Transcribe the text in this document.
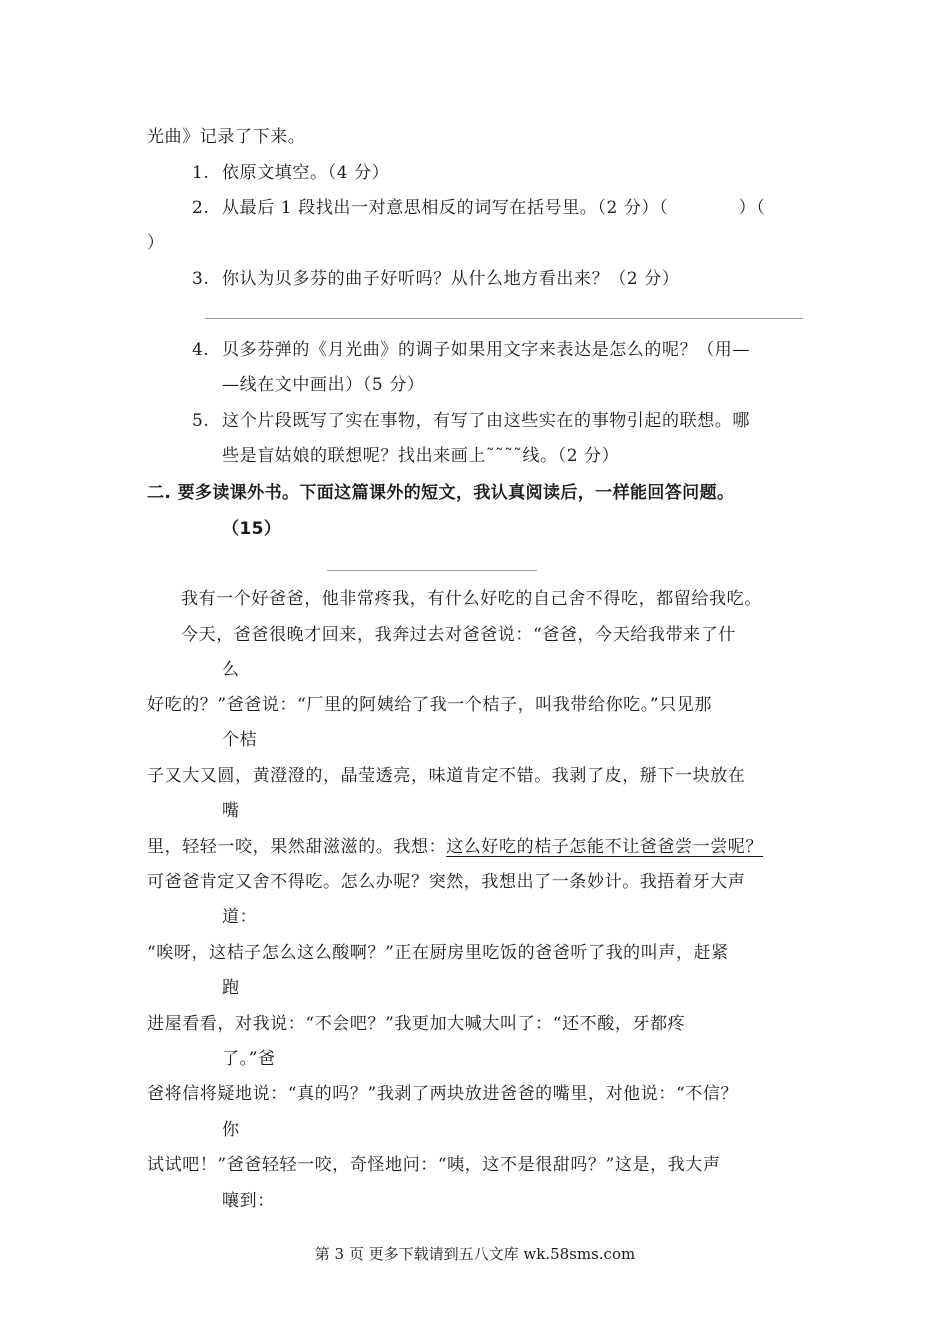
光曲》记录了下来。
1. 依原文填空。（4 分）
2. 从最后 1 段找出一对意思相反的词写在括号里。（2 分）（　　　　）（
）
3. 你认为贝多芬的曲子好听吗？从什么地方看出来？（2 分）
4. 贝多芬弹的《月光曲》的调子如果用文字来表达是怎么的呢？（用—
—线在文中画出）（5 分）
5. 这个片段既写了实在事物，有写了由这些实在的事物引起的联想。哪
些是盲姑娘的联想呢？找出来画上˜˜˜˜线。（2 分）
二. 要多读课外书。下面这篇课外的短文，我认真阅读后，一样能回答问题。
（15）
我有一个好爸爸，他非常疼我，有什么好吃的自己舍不得吃，都留给我吃。
今天，爸爸很晚才回来，我奔过去对爸爸说：“爸爸，今天给我带来了什
么
好吃的？”爸爸说：“厂里的阿姨给了我一个桔子，叫我带给你吃。”只见那
个桔
子又大又圆，黄澄澄的，晶莹透亮，味道肯定不错。我剥了皮，掰下一块放在
嘴
里，轻轻一咬，果然甜滋滋的。我想：这么好吃的桔子怎能不让爸爸尝一尝呢？
可爸爸肯定又舍不得吃。怎么办呢？突然，我想出了一条妙计。我捂着牙大声
道：
“唉呀，这桔子怎么这么酸啊？”正在厨房里吃饭的爸爸听了我的叫声，赶紧
跑
进屋看看，对我说：“不会吧？”我更加大喊大叫了：“还不酸，牙都疼
了。”爸
爸将信将疑地说：“真的吗？”我剥了两块放进爸爸的嘴里，对他说：“不信？
你
试试吧！”爸爸轻轻一咬，奇怪地问：“咦，这不是很甜吗？”这是，我大声
嚷到：
第 3 页 更多下载请到五八文库 wk.58sms.com
